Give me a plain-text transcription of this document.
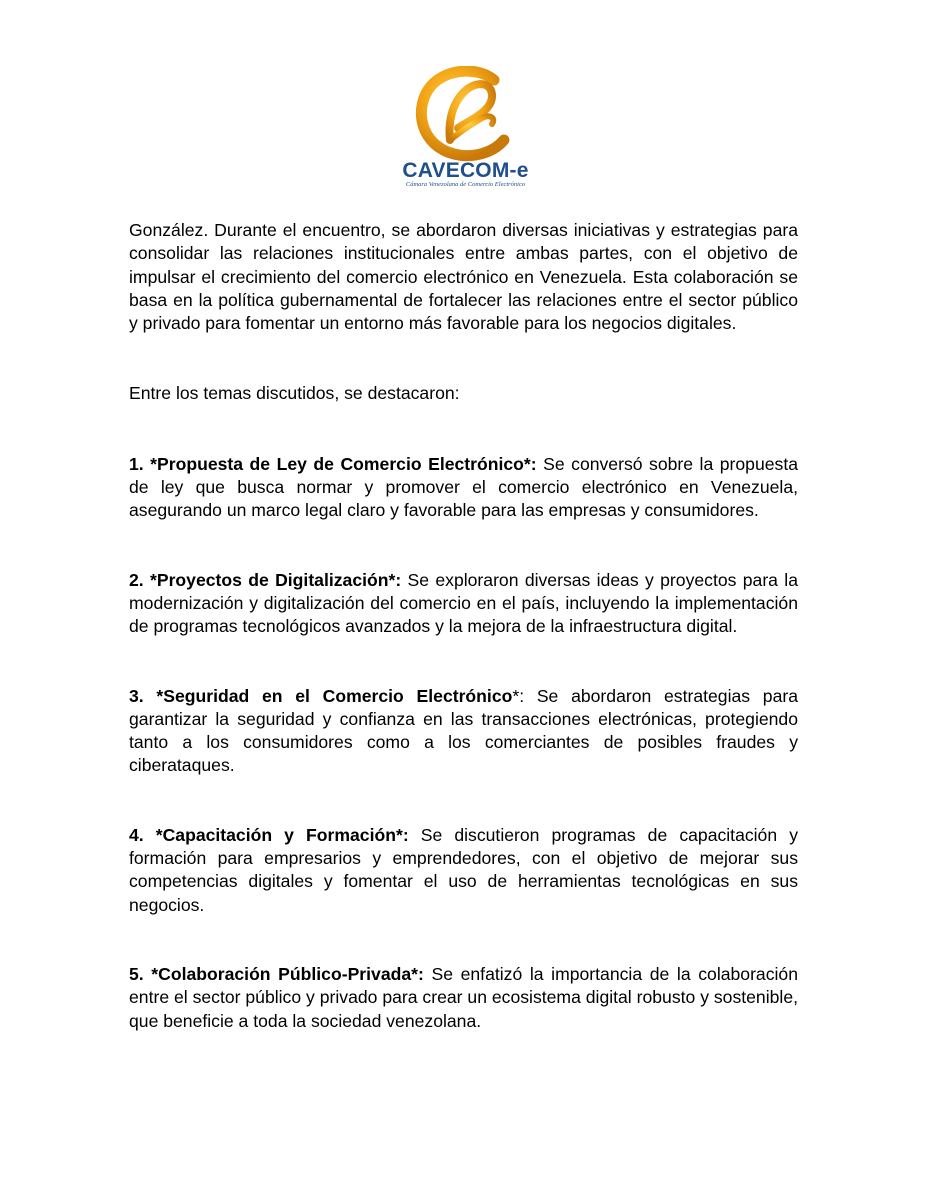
CAVECOM-e
Cámara Venezolana de Comercio Electrónico

González. Durante el encuentro, se abordaron diversas iniciativas y estrategias para consolidar las relaciones institucionales entre ambas partes, con el objetivo de impulsar el crecimiento del comercio electrónico en Venezuela. Esta colaboración se basa en la política gubernamental de fortalecer las relaciones entre el sector público y privado para fomentar un entorno más favorable para los negocios digitales.

Entre los temas discutidos, se destacaron:

1. *Propuesta de Ley de Comercio Electrónico*: Se conversó sobre la propuesta de ley que busca normar y promover el comercio electrónico en Venezuela, asegurando un marco legal claro y favorable para las empresas y consumidores.

2. *Proyectos de Digitalización*: Se exploraron diversas ideas y proyectos para la modernización y digitalización del comercio en el país, incluyendo la implementación de programas tecnológicos avanzados y la mejora de la infraestructura digital.

3. *Seguridad en el Comercio Electrónico*: Se abordaron estrategias para garantizar la seguridad y confianza en las transacciones electrónicas, protegiendo tanto a los consumidores como a los comerciantes de posibles fraudes y ciberataques.

4. *Capacitación y Formación*: Se discutieron programas de capacitación y formación para empresarios y emprendedores, con el objetivo de mejorar sus competencias digitales y fomentar el uso de herramientas tecnológicas en sus negocios.

5. *Colaboración Público-Privada*: Se enfatizó la importancia de la colaboración entre el sector público y privado para crear un ecosistema digital robusto y sostenible, que beneficie a toda la sociedad venezolana.
